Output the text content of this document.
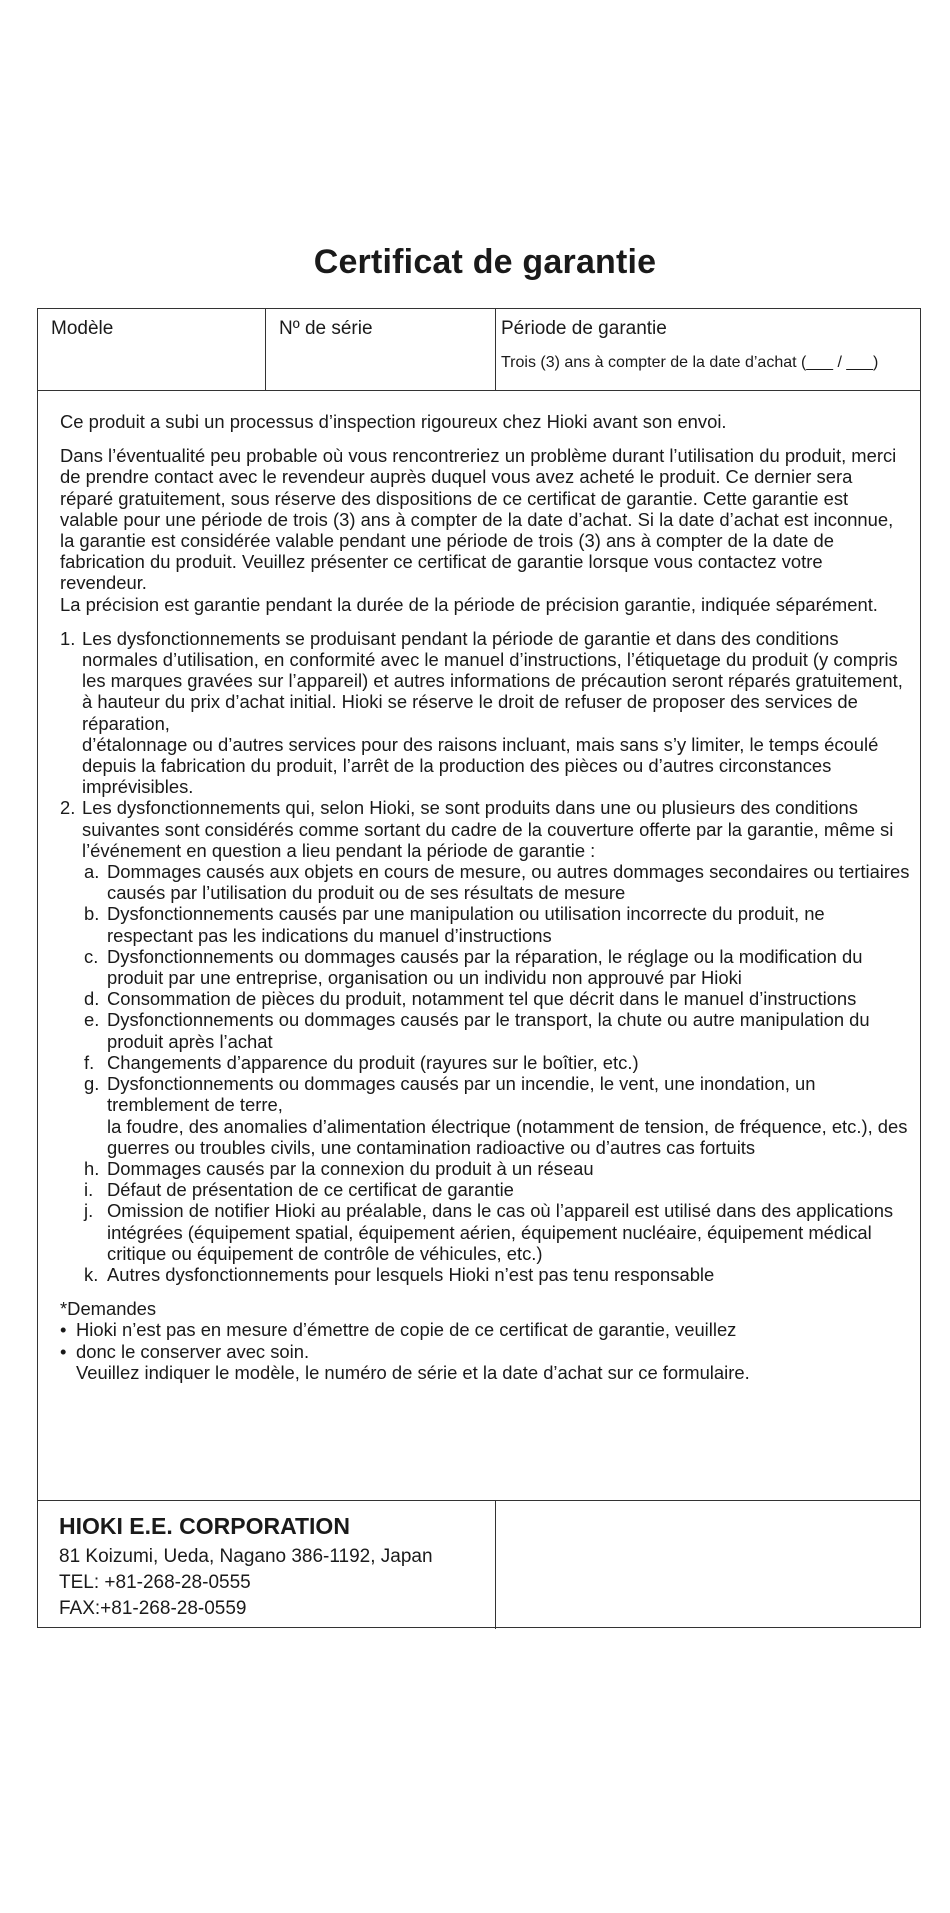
Certificat de garantie
Modèle	Nº de série	Période de garantie
Trois (3) ans à compter de la date d’achat (___ / ___)

Ce produit a subi un processus d’inspection rigoureux chez Hioki avant son envoi.

Dans l’éventualité peu probable où vous rencontreriez un problème durant l’utilisation du produit, merci de prendre contact avec le revendeur auprès duquel vous avez acheté le produit. Ce dernier sera réparé gratuitement, sous réserve des dispositions de ce certificat de garantie. Cette garantie est valable pour une période de trois (3) ans à compter de la date d’achat. Si la date d’achat est inconnue, la garantie est considérée valable pendant une période de trois (3) ans à compter de la date de fabrication du produit. Veuillez présenter ce certificat de garantie lorsque vous contactez votre revendeur.

La précision est garantie pendant la durée de la période de précision garantie, indiquée séparément.

1. Les dysfonctionnements se produisant pendant la période de garantie et dans des conditions normales d’utilisation, en conformité avec le manuel d’instructions, l’étiquetage du produit (y compris
les marques gravées sur l’appareil) et autres informations de précaution seront réparés gratuitement, à hauteur du prix d’achat initial. Hioki se réserve le droit de refuser de proposer des services de réparation,
d’étalonnage ou d’autres services pour des raisons incluant, mais sans s’y limiter, le temps écoulé depuis la fabrication du produit, l’arrêt de la production des pièces ou d’autres circonstances imprévisibles.
2. Les dysfonctionnements qui, selon Hioki, se sont produits dans une ou plusieurs des conditions suivantes sont considérés comme sortant du cadre de la couverture offerte par la garantie, même si l’événement en question a lieu pendant la période de garantie :
a. Dommages causés aux objets en cours de mesure, ou autres dommages secondaires ou tertiaires causés par l’utilisation du produit ou de ses résultats de mesure
b. Dysfonctionnements causés par une manipulation ou utilisation incorrecte du produit, ne respectant pas les indications du manuel d’instructions
c. Dysfonctionnements ou dommages causés par la réparation, le réglage ou la modification du produit par une entreprise, organisation ou un individu non approuvé par Hioki
d. Consommation de pièces du produit, notamment tel que décrit dans le manuel d’instructions
e. Dysfonctionnements ou dommages causés par le transport, la chute ou autre manipulation du produit après l’achat
f. Changements d’apparence du produit (rayures sur le boîtier, etc.)
g. Dysfonctionnements ou dommages causés par un incendie, le vent, une inondation, un tremblement de terre,
la foudre, des anomalies d’alimentation électrique (notamment de tension, de fréquence, etc.), des guerres ou troubles civils, une contamination radioactive ou d’autres cas fortuits
h. Dommages causés par la connexion du produit à un réseau
i. Défaut de présentation de ce certificat de garantie
j. Omission de notifier Hioki au préalable, dans le cas où l’appareil est utilisé dans des applications intégrées (équipement spatial, équipement aérien, équipement nucléaire, équipement médical critique ou équipement de contrôle de véhicules, etc.)
k. Autres dysfonctionnements pour lesquels Hioki n’est pas tenu responsable
*Demandes
• Hioki n’est pas en mesure d’émettre de copie de ce certificat de garantie, veuillez
• donc le conserver avec soin.
Veuillez indiquer le modèle, le numéro de série et la date d’achat sur ce formulaire.
HIOKI E.E. CORPORATION
81 Koizumi, Ueda, Nagano 386-1192, Japan
TEL: +81-268-28-0555
FAX:+81-268-28-0559
